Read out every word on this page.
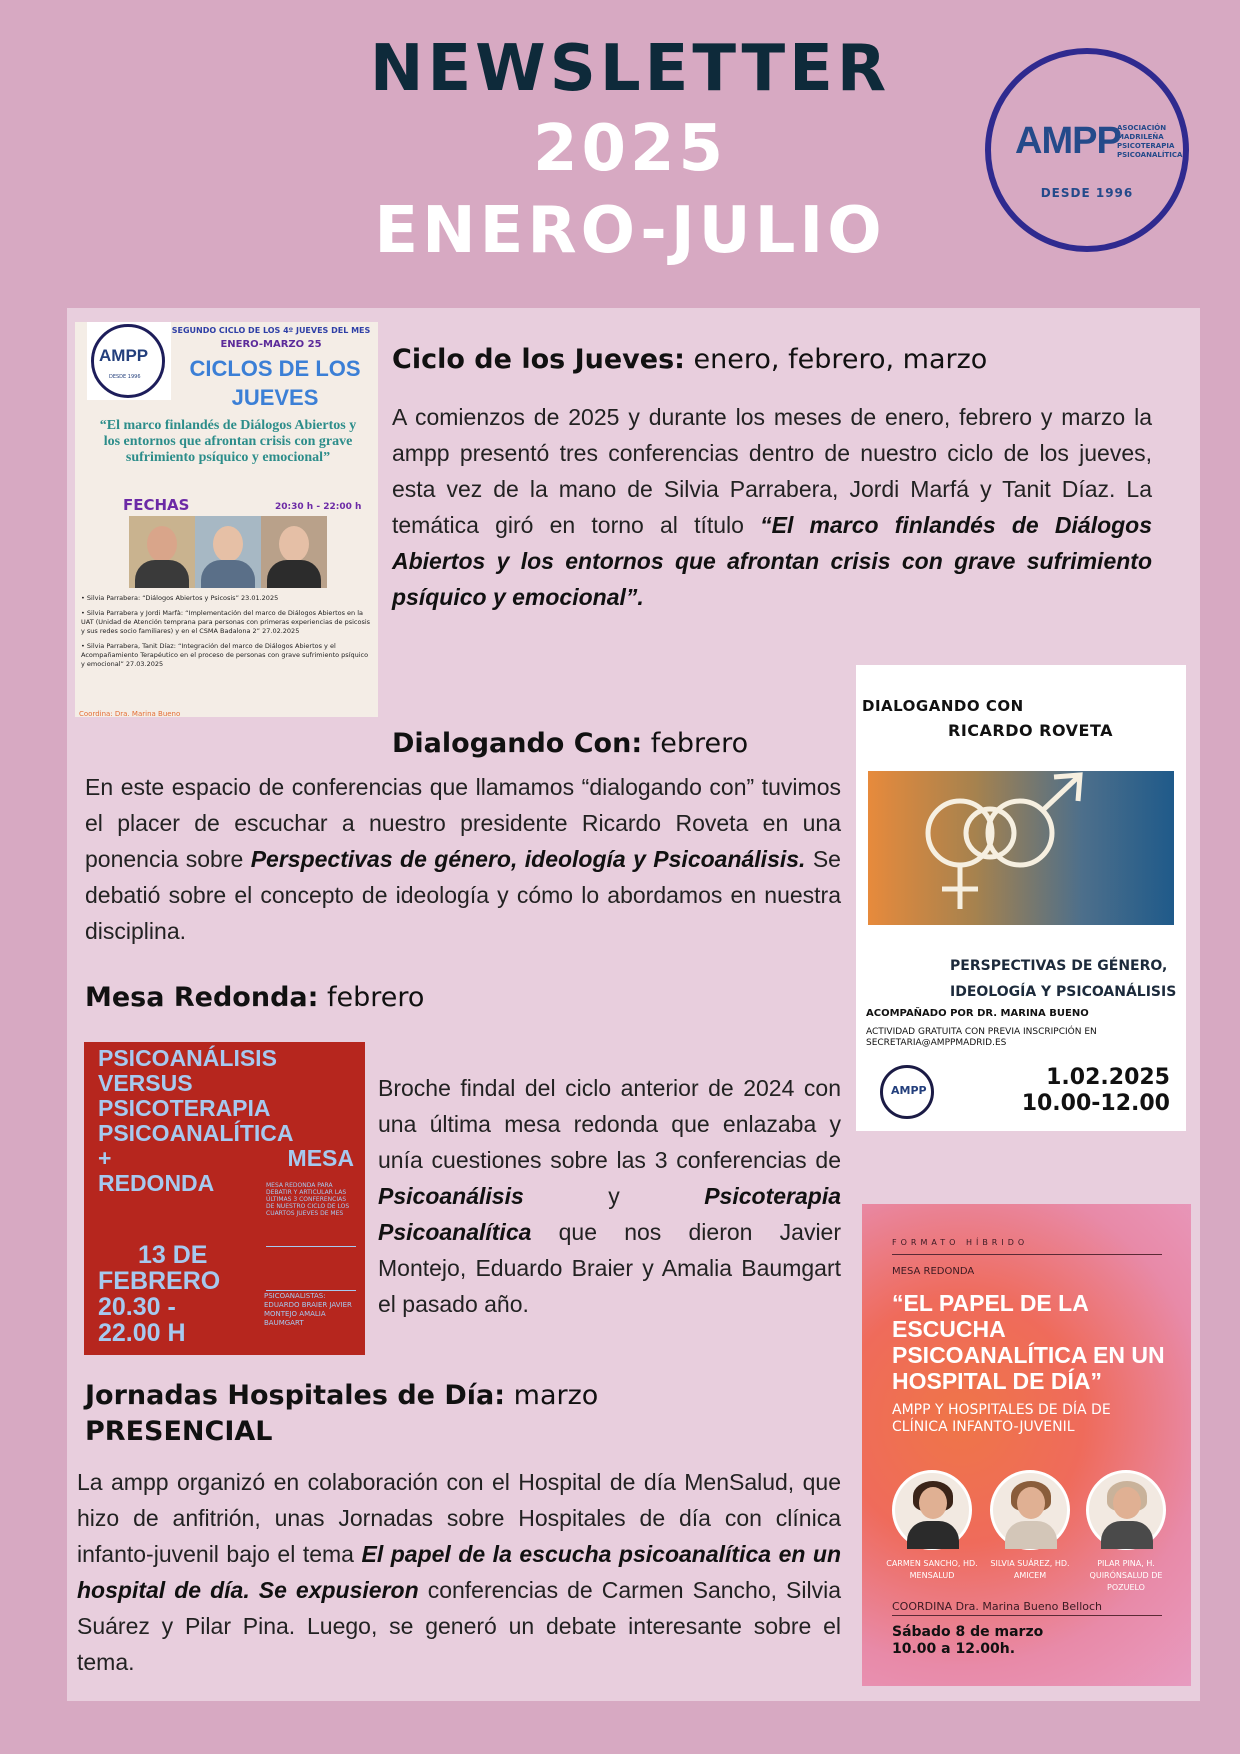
NEWSLETTER
2025
ENERO-JULIO
AMPP
ASOCIACIÓN MADRILEÑA PSICOTERAPIA PSICOANALÍTICA
DESDE 1996
AMPP
DESDE 1996
SEGUNDO CICLO DE LOS 4º JUEVES DEL MES
ENERO-MARZO 25
CICLOS DE LOS JUEVES
“El marco finlandés de Diálogos Abiertos y los entornos que afrontan crisis con grave sufrimiento psíquico y emocional”
FECHAS	20:30 h - 22:00 h

• Silvia Parrabera: “Diálogos Abiertos y Psicosis” 23.01.2025

• Silvia Parrabera y Jordi Marfà: “Implementación del marco de Diálogos Abiertos en la UAT (Unidad de Atención temprana para personas con primeras experiencias de psicosis y sus redes socio familiares) y en el CSMA Badalona 2” 27.02.2025

• Silvia Parrabera, Tanit Díaz: “Integración del marco de Diálogos Abiertos y el Acompañamiento Terapéutico en el proceso de personas con grave sufrimiento psíquico y emocional” 27.03.2025

Coordina: Dra. Marina Bueno
Ciclo de los Jueves: enero, febrero, marzo
A comienzos de 2025 y durante los meses de enero, febrero y marzo la ampp presentó tres conferencias dentro de nuestro ciclo de los jueves, esta vez de la mano de Silvia Parrabera, Jordi Marfá y Tanit Díaz. La temática giró en torno al título “El marco finlandés de Diálogos Abiertos y los entornos que afrontan crisis con grave sufrimiento psíquico y emocional”.
DIALOGANDO CON
RICARDO ROVETA
PERSPECTIVAS DE GÉNERO,
IDEOLOGÍA Y PSICOANÁLISIS
ACOMPAÑADO POR DR. MARINA BUENO
ACTIVIDAD GRATUITA CON PREVIA INSCRIPCIÓN EN SECRETARIA@AMPPMADRID.ES
AMPP
1.02.2025
10.00-12.00
Dialogando Con: febrero
En este espacio de conferencias que llamamos “dialogando con” tuvimos el placer de escuchar a nuestro presidente Ricardo Roveta en una ponencia sobre Perspectivas de género, ideología y Psicoanálisis. Se debatió sobre el concepto de ideología y cómo lo abordamos en nuestra disciplina.
Mesa Redonda: febrero
PSICOANÁLISIS
VERSUS
PSICOTERAPIA
PSICOANALÍTICA
+	MESA
REDONDA	MESA REDONDA PARA DEBATIR Y ARTICULAR LAS ÚLTIMAS 3 CONFERENCIAS DE NUESTRO CICLO DE LOS CUARTOS JUEVES DE MES
13 DE
FEBRERO
20.30 -
22.00 H
PSICOANALISTAS: EDUARDO BRAIER JAVIER MONTEJO AMALIA BAUMGART
Broche findal del ciclo anterior de 2024 con una última mesa redonda que enlazaba y unía cuestiones sobre las 3 conferencias de Psicoanálisis	y	Psicoterapia Psicoanalítica que nos dieron Javier Montejo, Eduardo Braier y Amalia Baumgart el pasado año.
Jornadas Hospitales de Día: marzo
PRESENCIAL
La ampp organizó en colaboración con el Hospital de día MenSalud, que hizo de anfitrión, unas Jornadas sobre Hospitales de día con clínica infanto-juvenil bajo el tema El papel de la escucha psicoanalítica en un hospital de día. Se expusieron conferencias de Carmen Sancho, Silvia Suárez y Pilar Pina. Luego, se generó un debate interesante sobre el tema.
FORMATO HÍBRIDO
MESA REDONDA
“EL PAPEL DE LA ESCUCHA PSICOANALÍTICA EN UN HOSPITAL DE DÍA”
AMPP Y HOSPITALES DE DÍA DE CLÍNICA INFANTO-JUVENIL
CARMEN SANCHO, HD. MENSALUD
SILVIA SUÁREZ, HD. AMICEM
PILAR PINA, H. QUIRÓNSALUD DE POZUELO
COORDINA Dra. Marina Bueno Belloch
Sábado 8 de marzo
10.00 a 12.00h.
